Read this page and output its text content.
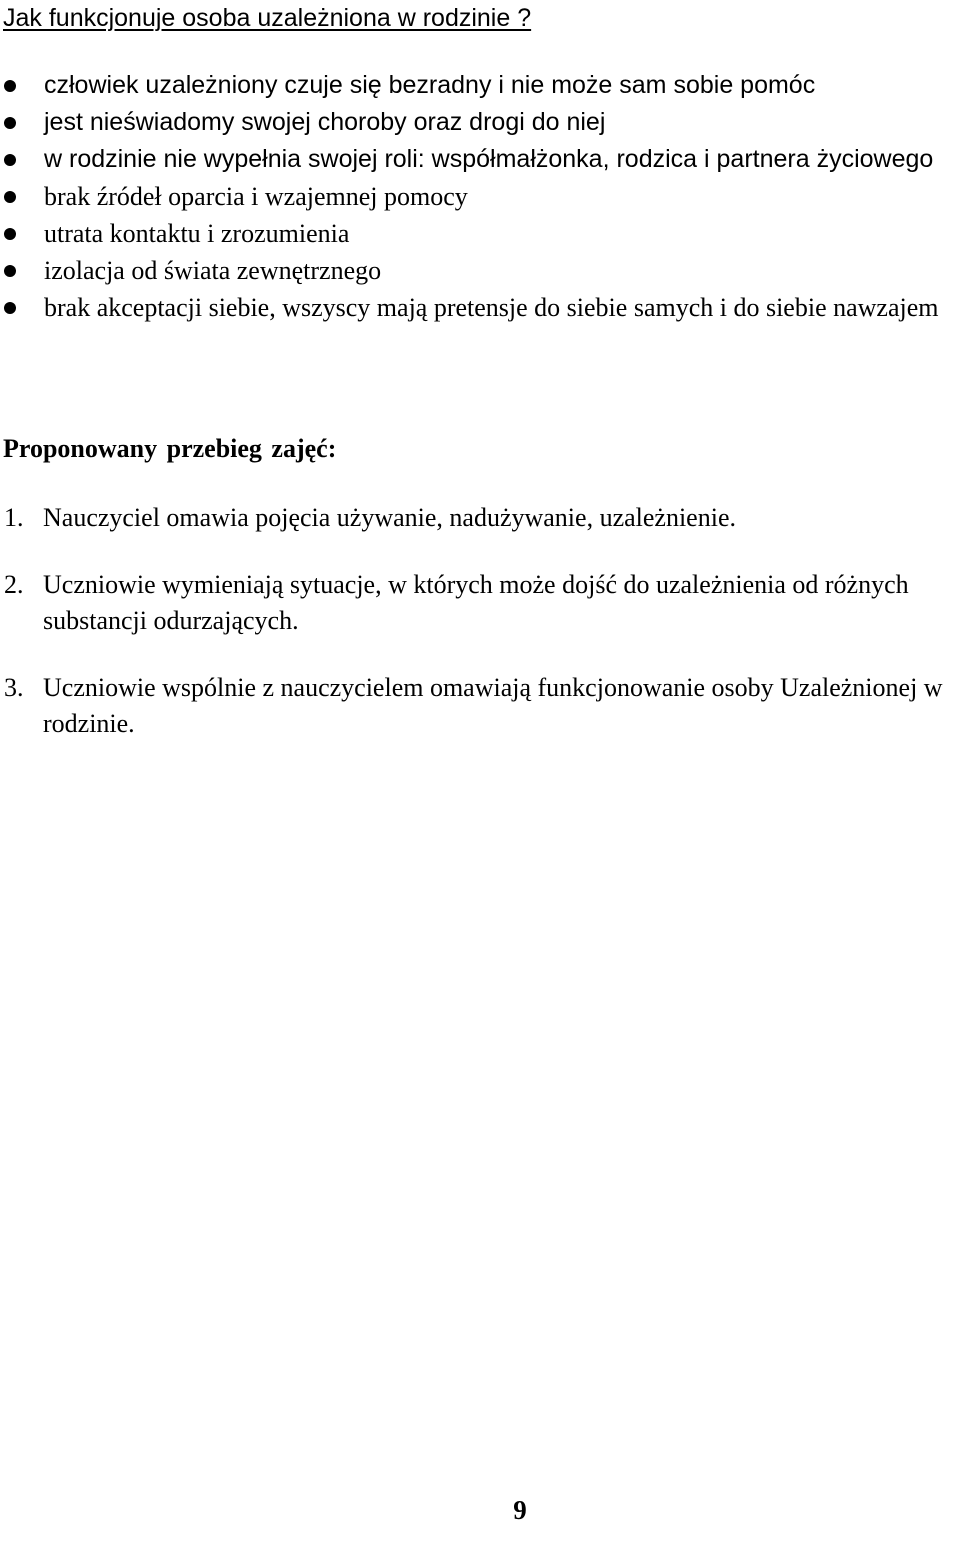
Jak funkcjonuje osoba uzależniona w rodzinie ?
człowiek uzależniony czuje się bezradny i nie może sam sobie pomóc
jest nieświadomy swojej choroby oraz drogi do niej
w rodzinie nie wypełnia swojej roli: współmałżonka, rodzica i partnera życiowego
brak źródeł oparcia i wzajemnej pomocy
utrata kontaktu i zrozumienia
izolacja od świata zewnętrznego
brak akceptacji siebie, wszyscy mają pretensje do siebie samych i do siebie nawzajem
Proponowany przebieg zajęć:
1. Nauczyciel omawia pojęcia używanie, nadużywanie, uzależnienie.
2. Uczniowie wymieniają sytuacje, w których może dojść do uzależnienia od różnych substancji odurzających.
3. Uczniowie wspólnie z nauczycielem omawiają funkcjonowanie osoby Uzależnionej w rodzinie.
9
